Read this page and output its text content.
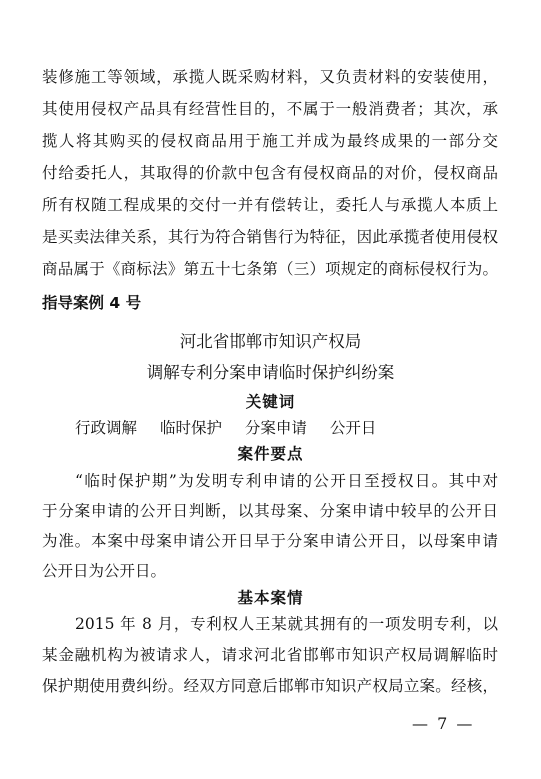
装修施工等领域，承揽人既采购材料，又负责材料的安装使用，
其使用侵权产品具有经营性目的，不属于一般消费者；其次，承
揽人将其购买的侵权商品用于施工并成为最终成果的一部分交
付给委托人，其取得的价款中包含有侵权商品的对价，侵权商品
所有权随工程成果的交付一并有偿转让，委托人与承揽人本质上
是买卖法律关系，其行为符合销售行为特征，因此承揽者使用侵权
商品属于《商标法》第五十七条第（三）项规定的商标侵权行为。
指导案例 4 号
河北省邯郸市知识产权局
调解专利分案申请临时保护纠纷案
关键词
行政调解 临时保护 分案申请 公开日
案件要点
“临时保护期”为发明专利申请的公开日至授权日。其中对
于分案申请的公开日判断，以其母案、分案申请中较早的公开日
为准。本案中母案申请公开日早于分案申请公开日，以母案申请
公开日为公开日。
基本案情
2015 年 8 月，专利权人王某就其拥有的一项发明专利，以
某金融机构为被请求人，请求河北省邯郸市知识产权局调解临时
保护期使用费纠纷。经双方同意后邯郸市知识产权局立案。经核，
— 7 —
